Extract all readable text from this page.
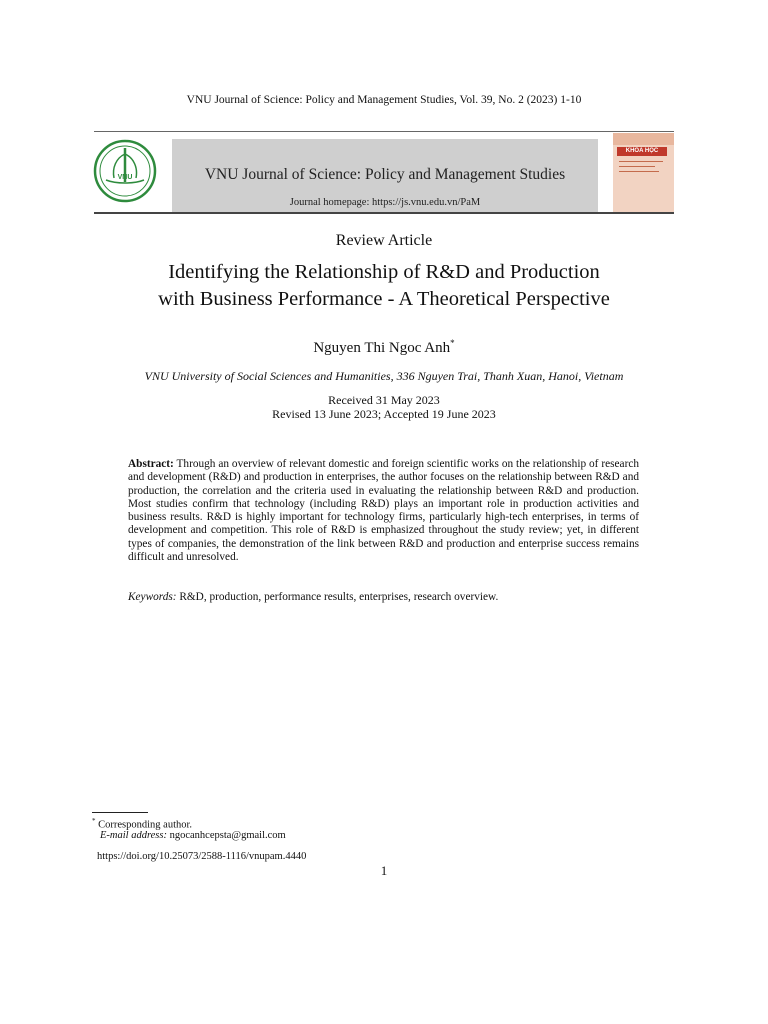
VNU Journal of Science: Policy and Management Studies, Vol. 39, No. 2 (2023) 1-10
VNU	VNU Journal of Science: Policy and Management Studies
Journal homepage: https://js.vnu.edu.vn/PaM
KHOA HỌC
Review Article
Identifying the Relationship of R&D and Production
with Business Performance - A Theoretical Perspective
Nguyen Thi Ngoc Anh*
VNU University of Social Sciences and Humanities, 336 Nguyen Trai, Thanh Xuan, Hanoi, Vietnam
Received 31 May 2023
Revised 13 June 2023; Accepted 19 June 2023
Abstract: Through an overview of relevant domestic and foreign scientific works on the relationship of research and development (R&D) and production in enterprises, the author focuses on the relationship between R&D and production, the correlation and the criteria used in evaluating the relationship between R&D and production. Most studies confirm that technology (including R&D) plays an important role in production activities and business results. R&D is highly important for technology firms, particularly high-tech enterprises, in terms of development and competition. This role of R&D is emphasized throughout the study review; yet, in different types of companies, the demonstration of the link between R&D and production and enterprise success remains difficult and unresolved.
Keywords: R&D, production, performance results, enterprises, research overview.
* Corresponding author.
E-mail address: ngocanhcepsta@gmail.com
https://doi.org/10.25073/2588-1116/vnupam.4440
1
